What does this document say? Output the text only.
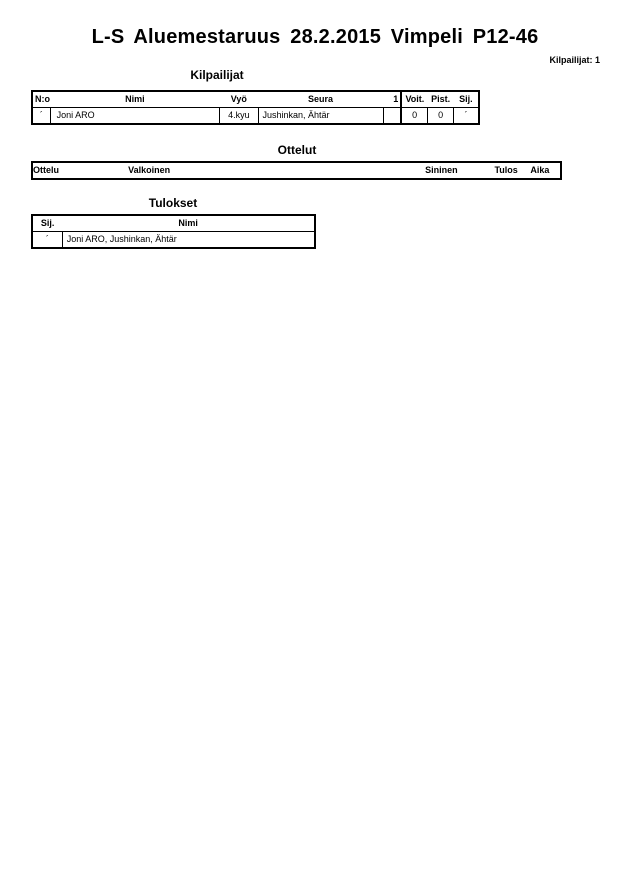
L-S Aluemestaruus 28.2.2015 Vimpeli P12-46
Kilpailijat: 1
Kilpailijat
N:o	Nimi	Vyö	Seura	1	Voit.	Pist.	Sij.
´	Joni ARO	4.kyu	Jushinkan, Ähtär		0	0	´
Ottelut
Ottelu	Valkoinen	Sininen	Tulos	Aika
Tulokset
Sij.	Nimi
´	Joni ARO, Jushinkan, Ähtär
